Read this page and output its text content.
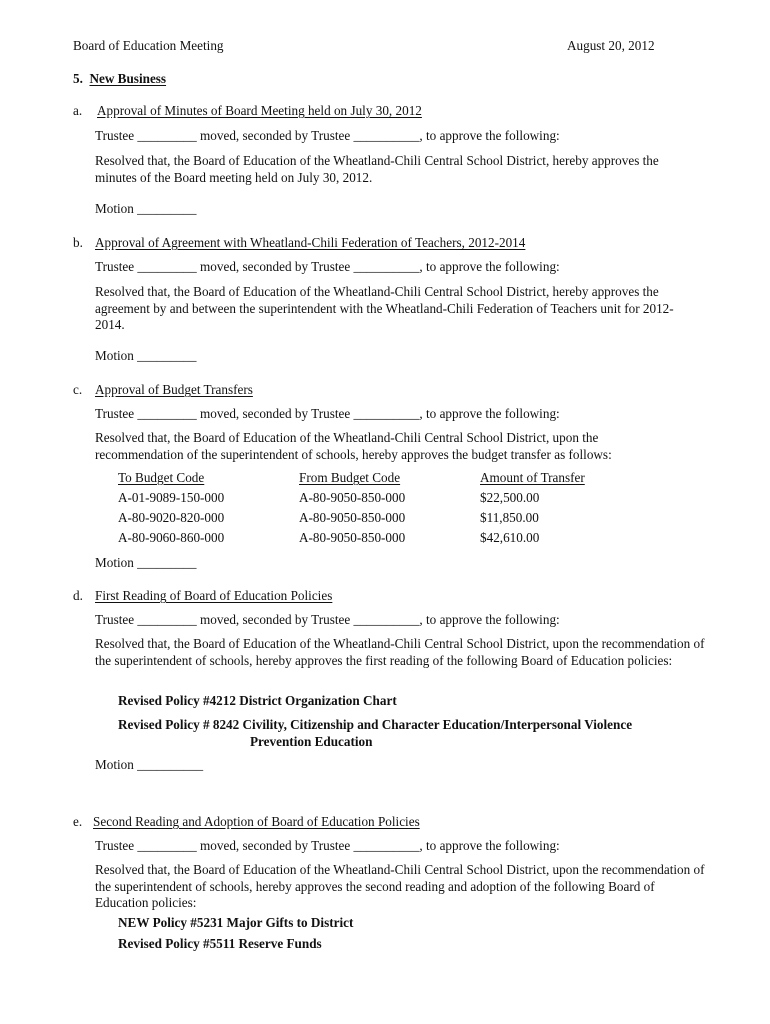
Board of Education Meeting	August 20, 2012
5. New Business
a. Approval of Minutes of Board Meeting held on July 30, 2012
Trustee _________ moved, seconded by Trustee __________, to approve the following:
Resolved that, the Board of Education of the Wheatland-Chili Central School District, hereby approves the minutes of the Board meeting held on July 30, 2012.
Motion _________
b. Approval of Agreement with Wheatland-Chili Federation of Teachers, 2012-2014
Trustee _________ moved, seconded by Trustee __________, to approve the following:
Resolved that, the Board of Education of the Wheatland-Chili Central School District, hereby approves the agreement by and between the superintendent with the Wheatland-Chili Federation of Teachers unit for 2012-2014.
Motion _________
c. Approval of Budget Transfers
Trustee _________ moved, seconded by Trustee __________, to approve the following:
Resolved that, the Board of Education of the Wheatland-Chili Central School District, upon the recommendation of the superintendent of schools, hereby approves the budget transfer as follows:
To Budget Code	From Budget Code	Amount of Transfer
A-01-9089-150-000	A-80-9050-850-000	$22,500.00
A-80-9020-820-000	A-80-9050-850-000	$11,850.00
A-80-9060-860-000	A-80-9050-850-000	$42,610.00
Motion _________
d. First Reading of Board of Education Policies
Trustee _________ moved, seconded by Trustee __________, to approve the following:
Resolved that, the Board of Education of the Wheatland-Chili Central School District, upon the recommendation of the superintendent of schools, hereby approves the first reading of the following Board of Education policies:
Revised Policy #4212 District Organization Chart
Revised Policy # 8242 Civility, Citizenship and Character Education/Interpersonal Violence
Prevention Education
Motion __________
e. Second Reading and Adoption of Board of Education Policies
Trustee _________ moved, seconded by Trustee __________, to approve the following:
Resolved that, the Board of Education of the Wheatland-Chili Central School District, upon the recommendation of the superintendent of schools, hereby approves the second reading and adoption of the following Board of Education policies:
NEW Policy #5231 Major Gifts to District
Revised Policy #5511 Reserve Funds
